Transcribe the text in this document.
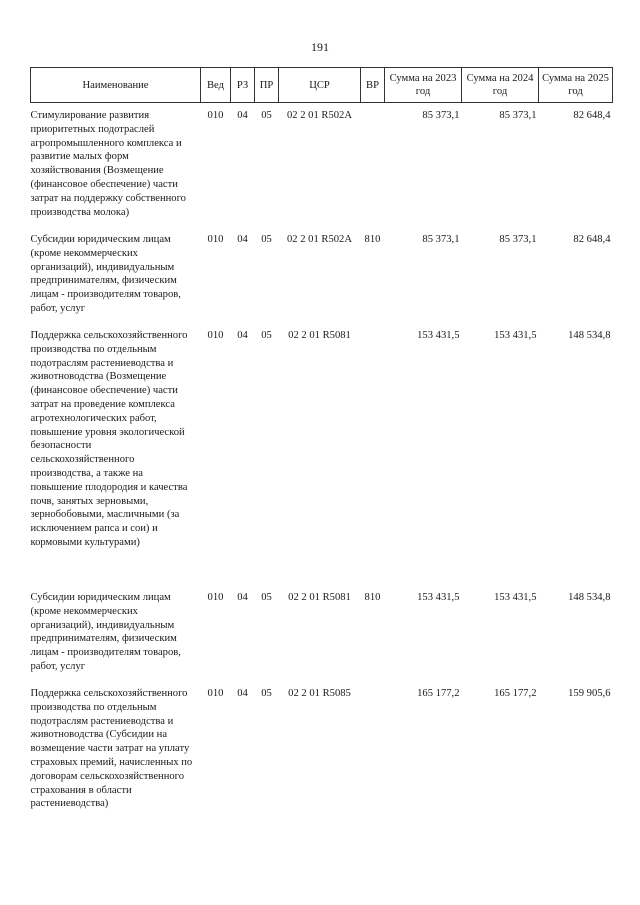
191
Наименование	Вед	РЗ	ПР	ЦСР	ВР	Сумма на 2023 год	Сумма на 2024 год	Сумма на 2025 год
Стимулирование развития приоритетных подотраслей агропромышленного комплекса и развитие малых форм хозяйствования (Возмещение (финансовое обеспечение) части затрат на поддержку собственного производства молока)	010	04	05	02 2 01 R502A		85 373,1	85 373,1	82 648,4
Субсидии юридическим лицам (кроме некоммерческих организаций), индивидуальным предпринимателям, физическим лицам - производителям товаров, работ, услуг	010	04	05	02 2 01 R502A	810	85 373,1	85 373,1	82 648,4
Поддержка сельскохозяйственного производства по отдельным подотраслям растениеводства и животноводства (Возмещение (финансовое обеспечение) части затрат на проведение комплекса агротехнологических работ, повышение уровня экологической безопасности сельскохозяйственного производства, а также на повышение плодородия и качества почв, занятых зерновыми, зернобобовыми, масличными (за исключением рапса и сои) и кормовыми культурами)	010	04	05	02 2 01 R5081		153 431,5	153 431,5	148 534,8
Субсидии юридическим лицам (кроме некоммерческих организаций), индивидуальным предпринимателям, физическим лицам - производителям товаров, работ, услуг	010	04	05	02 2 01 R5081	810	153 431,5	153 431,5	148 534,8
Поддержка сельскохозяйственного производства по отдельным подотраслям растениеводства и животноводства (Субсидии на возмещение части затрат на уплату страховых премий, начисленных по договорам сельскохозяйственного страхования в области растениеводства)	010	04	05	02 2 01 R5085		165 177,2	165 177,2	159 905,6
